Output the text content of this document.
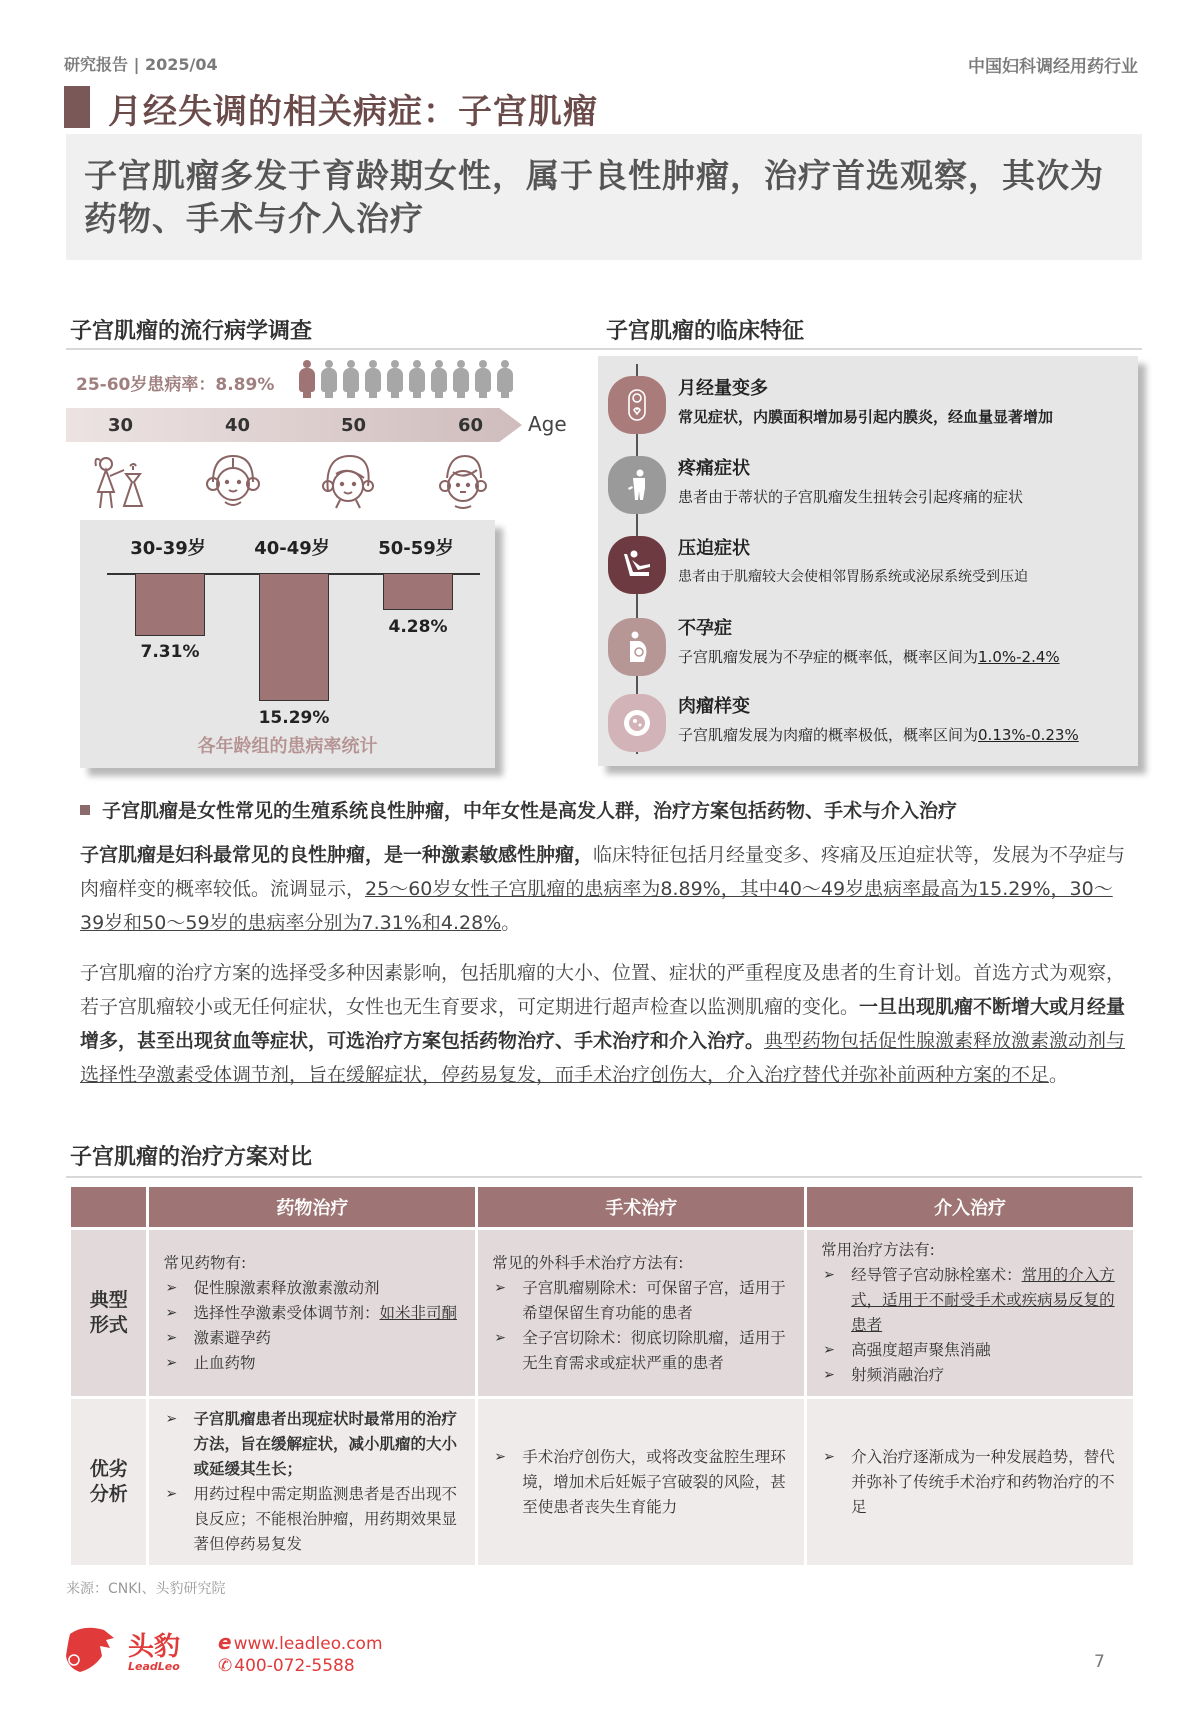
研究报告 | 2025/04	中国妇科调经用药行业
月经失调的相关病症：子宫肌瘤
子宫肌瘤多发于育龄期女性，属于良性肿瘤，治疗首选观察，其次为药物、手术与介入治疗
子宫肌瘤的流行病学调查
25-60岁患病率：8.89%
30	40	50	60 Age
30-39岁	40-49岁	50-59岁
7.31%
15.29%
4.28%
各年龄组的患病率统计
子宫肌瘤的临床特征
月经量变多
常见症状，内膜面积增加易引起内膜炎，经血量显著增加
疼痛症状
患者由于蒂状的子宫肌瘤发生扭转会引起疼痛的症状
压迫症状
患者由于肌瘤较大会使相邻胃肠系统或泌尿系统受到压迫
不孕症
子宫肌瘤发展为不孕症的概率低，概率区间为1.0%-2.4%
肉瘤样变
子宫肌瘤发展为肉瘤的概率极低，概率区间为0.13%-0.23%
子宫肌瘤是女性常见的生殖系统良性肿瘤，中年女性是高发人群，治疗方案包括药物、手术与介入治疗
子宫肌瘤是妇科最常见的良性肿瘤，是一种激素敏感性肿瘤，临床特征包括月经量变多、疼痛及压迫症状等，发展为不孕症与肉瘤样变的概率较低。流调显示，25～60岁女性子宫肌瘤的患病率为8.89%，其中40～49岁患病率最高为15.29%，30～39岁和50～59岁的患病率分别为7.31%和4.28%。
子宫肌瘤的治疗方案的选择受多种因素影响，包括肌瘤的大小、位置、症状的严重程度及患者的生育计划。首选方式为观察，若子宫肌瘤较小或无任何症状，女性也无生育要求，可定期进行超声检查以监测肌瘤的变化。一旦出现肌瘤不断增大或月经量增多，甚至出现贫血等症状，可选治疗方案包括药物治疗、手术治疗和介入治疗。典型药物包括促性腺激素释放激素激动剂与选择性孕激素受体调节剂，旨在缓解症状，停药易复发，而手术治疗创伤大，介入治疗替代并弥补前两种方案的不足。
子宫肌瘤的治疗方案对比
	药物治疗	手术治疗	介入治疗
典型形式	
常见药物有:
➢ 促性腺激素释放激素激动剂
➢ 选择性孕激素受体调节剂：如米非司酮
➢ 激素避孕药
➢ 止血药物

常见的外科手术治疗方法有:
➢ 子宫肌瘤剔除术：可保留子宫，适用于希望保留生育功能的患者
➢ 全子宫切除术：彻底切除肌瘤，适用于无生育需求或症状严重的患者

常用治疗方法有:
➢ 经导管子宫动脉栓塞术：常用的介入方式，适用于不耐受手术或疾病易反复的患者
➢ 高强度超声聚焦消融
➢ 射频消融治疗

优劣分析	
➢ 子宫肌瘤患者出现症状时最常用的治疗方法，旨在缓解症状，减小肌瘤的大小或延缓其生长；
➢ 用药过程中需定期监测患者是否出现不良反应；不能根治肿瘤，用药期效果显著但停药易复发

➢ 手术治疗创伤大，或将改变盆腔生理环境，增加术后妊娠子宫破裂的风险，甚至使患者丧失生育能力

➢ 介入治疗逐渐成为一种发展趋势，替代并弥补了传统手术治疗和药物治疗的不足
来源：CNKI、头豹研究院
头豹
LeadLeo
e www.leadleo.com
✆ 400-072-5588	7
